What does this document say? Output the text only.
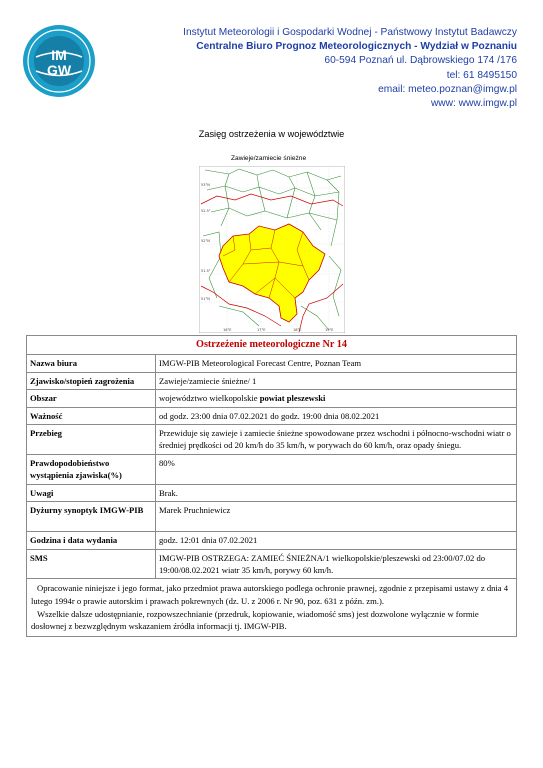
IM
GW
Instytut Meteorologii i Gospodarki Wodnej - Państwowy Instytut Badawczy
Centralne Biuro Prognoz Meteorologicznych - Wydział w Poznaniu
60-594 Poznań ul. Dąbrowskiego 174 /176
tel: 61 8495150
email: meteo.poznan@imgw.pl
www: www.imgw.pl
Zasięg ostrzeżenia w województwie
Zawieje/zamiecie śnieżne
53°N
52.5°
52°N
51.5°
51°N
16°E	17°E	18°E	19°E
Ostrzeżenie meteorologiczne Nr 14	
Nazwa biura	IMGW-PIB Meteorological Forecast Centre, Poznan Team
Zjawisko/stopień zagrożenia	Zawieje/zamiecie śnieżne/ 1
Obszar	województwo wielkopolskie powiat pleszewski
Ważność	od godz. 23:00 dnia 07.02.2021 do godz. 19:00 dnia 08.02.2021
Przebieg	Przewiduje się zawieje i zamiecie śnieżne spowodowane przez wschodni i północno-wschodni wiatr o średniej prędkości od 20 km/h do 35 km/h, w porywach do 60 km/h, oraz opady śniegu.
Prawdopodobieństwo wystąpienia zjawiska(%)	80%
Uwagi	Brak.
Dyżurny synoptyk IMGW-PIB	Marek Pruchniewicz
Godzina i data wydania	godz. 12:01 dnia 07.02.2021
SMS	IMGW-PIB OSTRZEGA: ZAMIEĆ ŚNIEŻNA/1 wielkopolskie/pleszewski od 23:00/07.02 do 19:00/08.02.2021 wiatr 35 km/h, porywy 60 km/h.

Opracowanie niniejsze i jego format, jako przedmiot prawa autorskiego podlega ochronie prawnej, zgodnie z przepisami ustawy z dnia 4 lutego 1994r o prawie autorskim i prawach pokrewnych (dz. U. z 2006 r. Nr 90, poz. 631 z późn. zm.).
Wszelkie dalsze udostępnianie, rozpowszechnianie (przedruk, kopiowanie, wiadomość sms) jest dozwolone wyłącznie w formie dosłownej z bezwzględnym wskazaniem źródła informacji tj. IMGW-PIB.	
